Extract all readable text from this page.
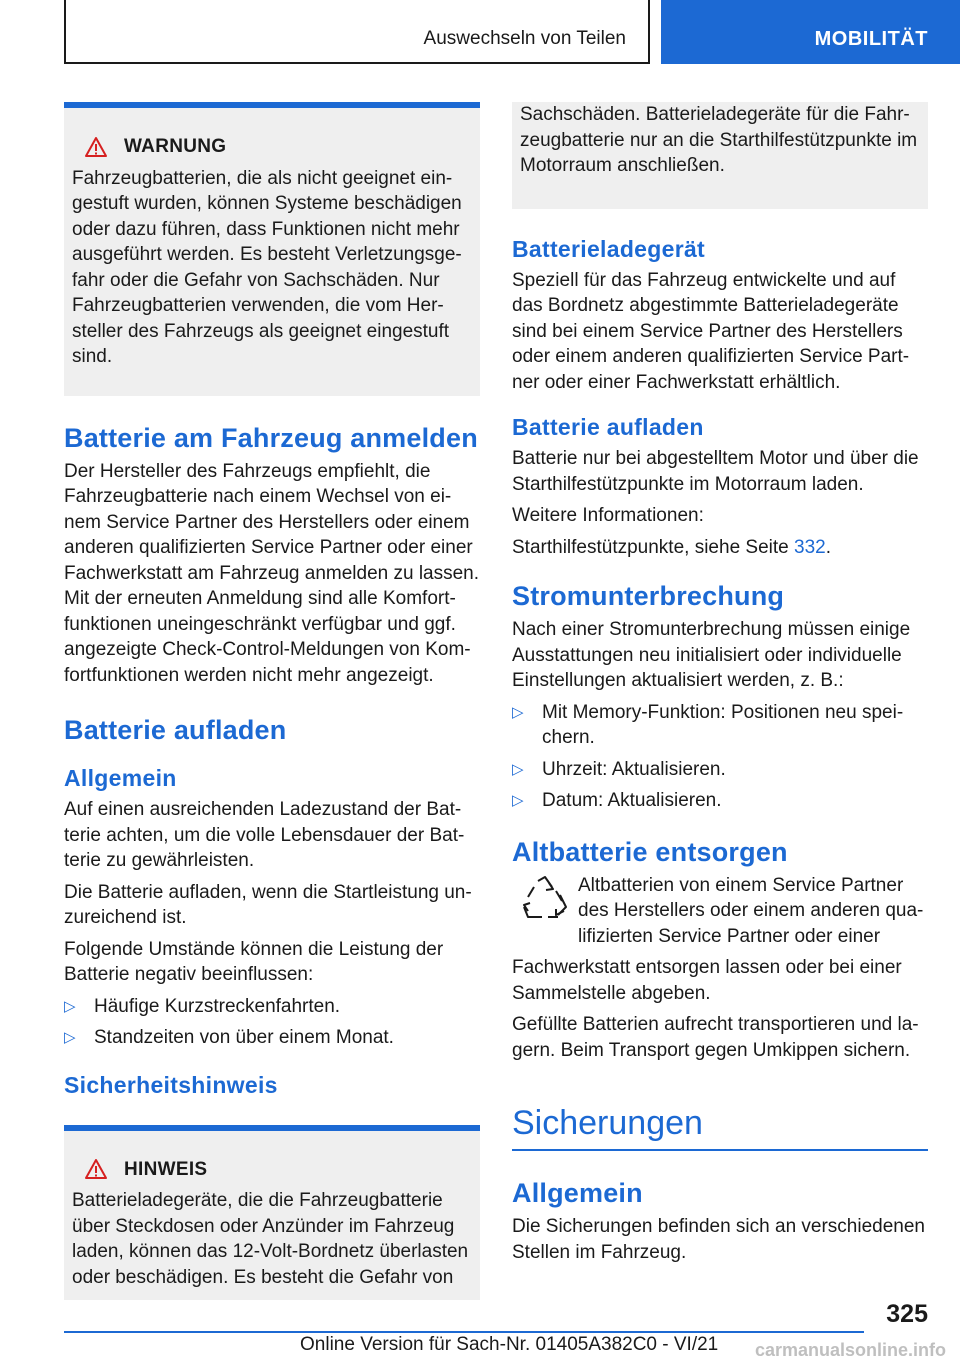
Auswechseln von Teilen	MOBILITÄT
WARNUNG

Fahrzeugbatterien, die als nicht geeignet ein-gestuft wurden, können Systeme beschädigen oder dazu führen, dass Funktionen nicht mehr ausgeführt werden. Es besteht Verletzungsge-fahr oder die Gefahr von Sachschäden. Nur Fahrzeugbatterien verwenden, die vom Her-steller des Fahrzeugs als geeignet eingestuft sind.

Batterie am Fahrzeug anmelden

Der Hersteller des Fahrzeugs empfiehlt, die Fahrzeugbatterie nach einem Wechsel von ei-nem Service Partner des Herstellers oder einem anderen qualifizierten Service Partner oder einer Fachwerkstatt am Fahrzeug anmelden zu lassen. Mit der erneuten Anmeldung sind alle Komfort-funktionen uneingeschränkt verfügbar und ggf. angezeigte Check-Control-Meldungen von Kom-fortfunktionen werden nicht mehr angezeigt.

Batterie aufladen
Allgemein

Auf einen ausreichenden Ladezustand der Bat-terie achten, um die volle Lebensdauer der Bat-terie zu gewährleisten.

Die Batterie aufladen, wenn die Startleistung un-zureichend ist.

Folgende Umstände können die Leistung der Batterie negativ beeinflussen:

▷ Häufige Kurzstreckenfahrten.
▷ Standzeiten von über einem Monat.
Sicherheitshinweis
HINWEIS

Batterieladegeräte, die die Fahrzeugbatterie über Steckdosen oder Anzünder im Fahrzeug laden, können das 12-Volt-Bordnetz überlasten oder beschädigen. Es besteht die Gefahr von

Sachschäden. Batterieladegeräte für die Fahr-zeugbatterie nur an die Starthilfestützpunkte im Motorraum anschließen.

Batterieladegerät

Speziell für das Fahrzeug entwickelte und auf das Bordnetz abgestimmte Batterieladegeräte sind bei einem Service Partner des Herstellers oder einem anderen qualifizierten Service Part-ner oder einer Fachwerkstatt erhältlich.

Batterie aufladen

Batterie nur bei abgestelltem Motor und über die Starthilfestützpunkte im Motorraum laden.

Weitere Informationen:

Starthilfestützpunkte, siehe Seite 332.

Stromunterbrechung

Nach einer Stromunterbrechung müssen einige Ausstattungen neu initialisiert oder individuelle Einstellungen aktualisiert werden, z. B.:

▷ Mit Memory-Funktion: Positionen neu spei-chern.
▷ Uhrzeit: Aktualisieren.
▷ Datum: Aktualisieren.
Altbatterie entsorgen

Altbatterien von einem Service Partner des Herstellers oder einem anderen qua-lifizierten Service Partner oder einer

Fachwerkstatt entsorgen lassen oder bei einer Sammelstelle abgeben.

Gefüllte Batterien aufrecht transportieren und la-gern. Beim Transport gegen Umkippen sichern.

Sicherungen
Allgemein

Die Sicherungen befinden sich an verschiedenen Stellen im Fahrzeug.

325
Online Version für Sach-Nr. 01405A382C0 - VI/21 carmanualsonline.info
